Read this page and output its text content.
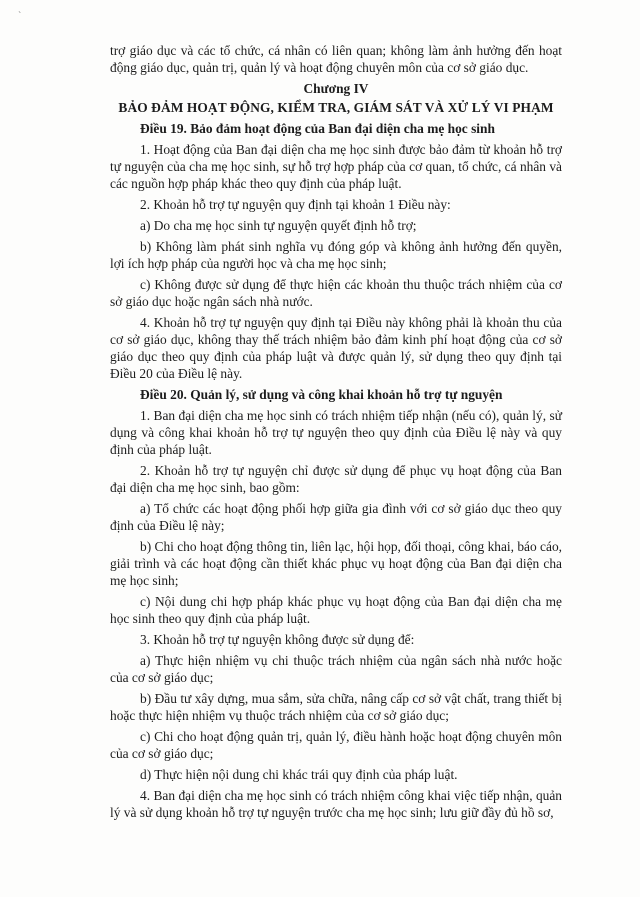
`

trợ giáo dục và các tổ chức, cá nhân có liên quan; không làm ảnh hưởng đến hoạt động giáo dục, quản trị, quản lý và hoạt động chuyên môn của cơ sở giáo dục.

Chương IV

BẢO ĐẢM HOẠT ĐỘNG, KIỂM TRA, GIÁM SÁT VÀ XỬ LÝ VI PHẠM

Điều 19. Bảo đảm hoạt động của Ban đại diện cha mẹ học sinh

1. Hoạt động của Ban đại diện cha mẹ học sinh được bảo đảm từ khoản hỗ trợ tự nguyện của cha mẹ học sinh, sự hỗ trợ hợp pháp của cơ quan, tổ chức, cá nhân và các nguồn hợp pháp khác theo quy định của pháp luật.

2. Khoản hỗ trợ tự nguyện quy định tại khoản 1 Điều này:

a) Do cha mẹ học sinh tự nguyện quyết định hỗ trợ;

b) Không làm phát sinh nghĩa vụ đóng góp và không ảnh hưởng đến quyền, lợi ích hợp pháp của người học và cha mẹ học sinh;

c) Không được sử dụng để thực hiện các khoản thu thuộc trách nhiệm của cơ sở giáo dục hoặc ngân sách nhà nước.

4. Khoản hỗ trợ tự nguyện quy định tại Điều này không phải là khoản thu của cơ sở giáo dục, không thay thế trách nhiệm bảo đảm kinh phí hoạt động của cơ sở giáo dục theo quy định của pháp luật và được quản lý, sử dụng theo quy định tại Điều 20 của Điều lệ này.

Điều 20. Quản lý, sử dụng và công khai khoản hỗ trợ tự nguyện

1. Ban đại diện cha mẹ học sinh có trách nhiệm tiếp nhận (nếu có), quản lý, sử dụng và công khai khoản hỗ trợ tự nguyện theo quy định của Điều lệ này và quy định của pháp luật.

2. Khoản hỗ trợ tự nguyện chỉ được sử dụng để phục vụ hoạt động của Ban đại diện cha mẹ học sinh, bao gồm:

a) Tổ chức các hoạt động phối hợp giữa gia đình với cơ sở giáo dục theo quy định của Điều lệ này;

b) Chi cho hoạt động thông tin, liên lạc, hội họp, đối thoại, công khai, báo cáo, giải trình và các hoạt động cần thiết khác phục vụ hoạt động của Ban đại diện cha mẹ học sinh;

c) Nội dung chi hợp pháp khác phục vụ hoạt động của Ban đại diện cha mẹ học sinh theo quy định của pháp luật.

3. Khoản hỗ trợ tự nguyện không được sử dụng để:

a) Thực hiện nhiệm vụ chi thuộc trách nhiệm của ngân sách nhà nước hoặc của cơ sở giáo dục;

b) Đầu tư xây dựng, mua sắm, sửa chữa, nâng cấp cơ sở vật chất, trang thiết bị hoặc thực hiện nhiệm vụ thuộc trách nhiệm của cơ sở giáo dục;

c) Chi cho hoạt động quản trị, quản lý, điều hành hoặc hoạt động chuyên môn của cơ sở giáo dục;

d) Thực hiện nội dung chi khác trái quy định của pháp luật.

4. Ban đại diện cha mẹ học sinh có trách nhiệm công khai việc tiếp nhận, quản lý và sử dụng khoản hỗ trợ tự nguyện trước cha mẹ học sinh; lưu giữ đầy đủ hồ sơ,
